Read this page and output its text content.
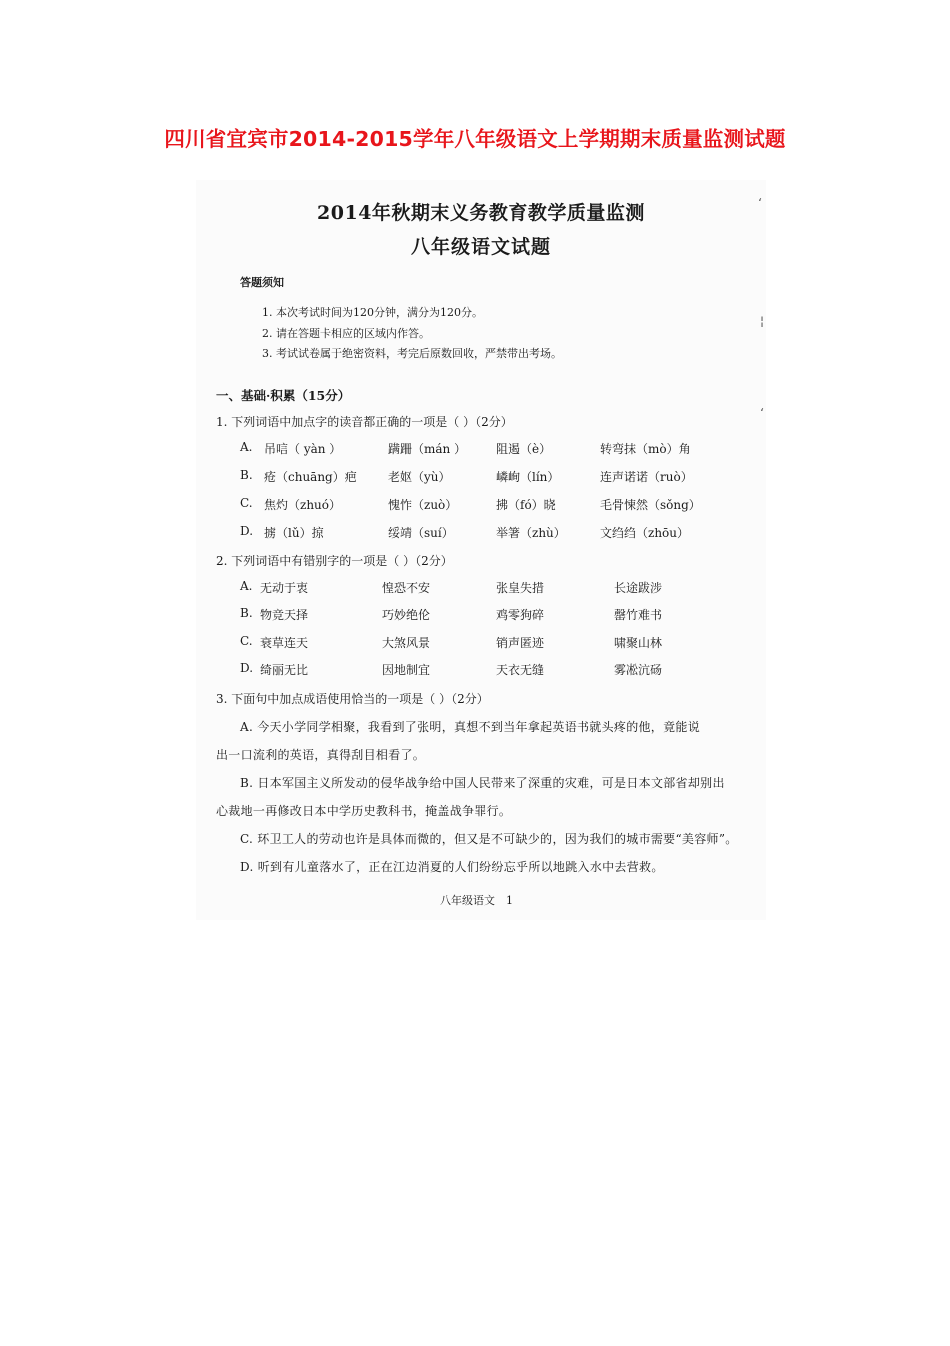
四川省宜宾市2014-2015学年八年级语文上学期期末质量监测试题
‘
¦
‘
2014年秋期末义务教育教学质量监测
八年级语文试题
答题须知
1. 本次考试时间为120分钟，满分为120分。
2. 请在答题卡相应的区域内作答。
3. 考试试卷属于绝密资料，考完后原数回收，严禁带出考场。
一、基础·积累（15分）
1. 下列词语中加点字的读音都正确的一项是（ ）（2分）
A. 吊唁（ yàn ）	蹒跚（mán ） 阻遏（è）	转弯抹（mò）角
B. 疮（chuāng）疤	老妪（yù）	嶙峋（lín）	连声诺诺（ruò）
C. 焦灼（zhuó）	愧怍（zuò）	拂（fó）晓	毛骨悚然（sǒng）
D. 掳（lǔ）掠	绥靖（suí）	举箸（zhù）	文绉绉（zhōu）
2. 下列词语中有错别字的一项是（ ）（2分）
A. 无动于衷	惶恐不安	张皇失措	长途跋涉
B. 物竞天择	巧妙绝伦	鸡零狗碎	罄竹难书
C. 衰草连天	大煞风景	销声匿迹	啸聚山林
D. 绮丽无比	因地制宜	天衣无缝	雾凇沆砀
3. 下面句中加点成语使用恰当的一项是（ ）（2分）
A. 今天小学同学相聚，我看到了张明，真想不到当年拿起英语书就头疼的他，竟能说
出一口流利的英语，真得刮目相看了。
B. 日本军国主义所发动的侵华战争给中国人民带来了深重的灾难，可是日本文部省却别出
心裁地一再修改日本中学历史教科书，掩盖战争罪行。
C. 环卫工人的劳动也许是具体而微的，但又是不可缺少的，因为我们的城市需要“美容师”。
D. 听到有儿童落水了，正在江边消夏的人们纷纷忘乎所以地跳入水中去营救。
八年级语文　1
